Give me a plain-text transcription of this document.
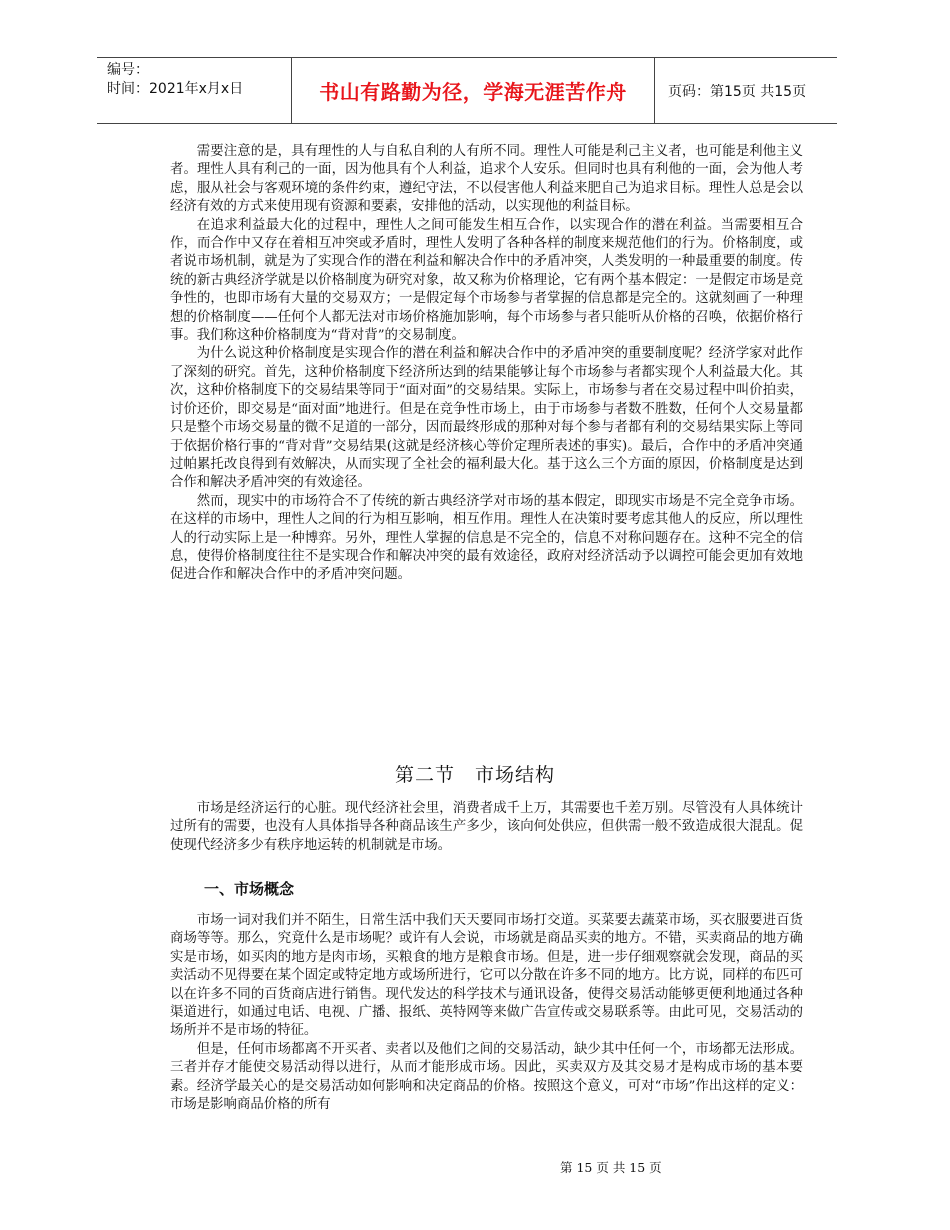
编号：
时间：2021年x月x日	书山有路勤为径，学海无涯苦作舟	页码：第15页 共15页

需要注意的是，具有理性的人与自私自利的人有所不同。理性人可能是利己主义者，也可能是利他主义者。理性人具有利己的一面，因为他具有个人利益，追求个人安乐。但同时也具有利他的一面，会为他人考虑，服从社会与客观环境的条件约束，遵纪守法，不以侵害他人利益来肥自己为追求目标。理性人总是会以经济有效的方式来使用现有资源和要素，安排他的活动，以实现他的利益目标。

在追求利益最大化的过程中，理性人之间可能发生相互合作，以实现合作的潜在利益。当需要相互合作，而合作中又存在着相互冲突或矛盾时，理性人发明了各种各样的制度来规范他们的行为。价格制度，或者说市场机制，就是为了实现合作的潜在利益和解决合作中的矛盾冲突，人类发明的一种最重要的制度。传统的新古典经济学就是以价格制度为研究对象，故又称为价格理论，它有两个基本假定：一是假定市场是竞争性的，也即市场有大量的交易双方；一是假定每个市场参与者掌握的信息都是完全的。这就刻画了一种理想的价格制度——任何个人都无法对市场价格施加影响，每个市场参与者只能听从价格的召唤，依据价格行事。我们称这种价格制度为“背对背”的交易制度。

为什么说这种价格制度是实现合作的潜在利益和解决合作中的矛盾冲突的重要制度呢？经济学家对此作了深刻的研究。首先，这种价格制度下经济所达到的结果能够让每个市场参与者都实现个人利益最大化。其次，这种价格制度下的交易结果等同于“面对面”的交易结果。实际上，市场参与者在交易过程中叫价拍卖，讨价还价，即交易是“面对面”地进行。但是在竞争性市场上，由于市场参与者数不胜数，任何个人交易量都只是整个市场交易量的微不足道的一部分，因而最终形成的那种对每个参与者都有利的交易结果实际上等同于依据价格行事的“背对背”交易结果(这就是经济核心等价定理所表述的事实)。最后，合作中的矛盾冲突通过帕累托改良得到有效解决，从而实现了全社会的福利最大化。基于这么三个方面的原因，价格制度是达到合作和解决矛盾冲突的有效途径。

然而，现实中的市场符合不了传统的新古典经济学对市场的基本假定，即现实市场是不完全竞争市场。在这样的市场中，理性人之间的行为相互影响，相互作用。理性人在决策时要考虑其他人的反应，所以理性人的行动实际上是一种博弈。另外，理性人掌握的信息是不完全的，信息不对称问题存在。这种不完全的信息，使得价格制度往往不是实现合作和解决冲突的最有效途径，政府对经济活动予以调控可能会更加有效地促进合作和解决合作中的矛盾冲突问题。

第二节　市场结构

市场是经济运行的心脏。现代经济社会里，消费者成千上万，其需要也千差万别。尽管没有人具体统计过所有的需要，也没有人具体指导各种商品该生产多少，该向何处供应，但供需一般不致造成很大混乱。促使现代经济多少有秩序地运转的机制就是市场。

一、市场概念

市场一词对我们并不陌生，日常生活中我们天天要同市场打交道。买菜要去蔬菜市场，买衣服要进百货商场等等。那么，究竟什么是市场呢？或许有人会说，市场就是商品买卖的地方。不错，买卖商品的地方确实是市场，如买肉的地方是肉市场，买粮食的地方是粮食市场。但是，进一步仔细观察就会发现，商品的买卖活动不见得要在某个固定或特定地方或场所进行，它可以分散在许多不同的地方。比方说，同样的布匹可以在许多不同的百货商店进行销售。现代发达的科学技术与通讯设备，使得交易活动能够更便利地通过各种渠道进行，如通过电话、电视、广播、报纸、英特网等来做广告宣传或交易联系等。由此可见，交易活动的场所并不是市场的特征。

但是，任何市场都离不开买者、卖者以及他们之间的交易活动，缺少其中任何一个，市场都无法形成。三者并存才能使交易活动得以进行，从而才能形成市场。因此，买卖双方及其交易才是构成市场的基本要素。经济学最关心的是交易活动如何影响和决定商品的价格。按照这个意义，可对“市场”作出这样的定义：市场是影响商品价格的所有

第 15 页 共 15 页
